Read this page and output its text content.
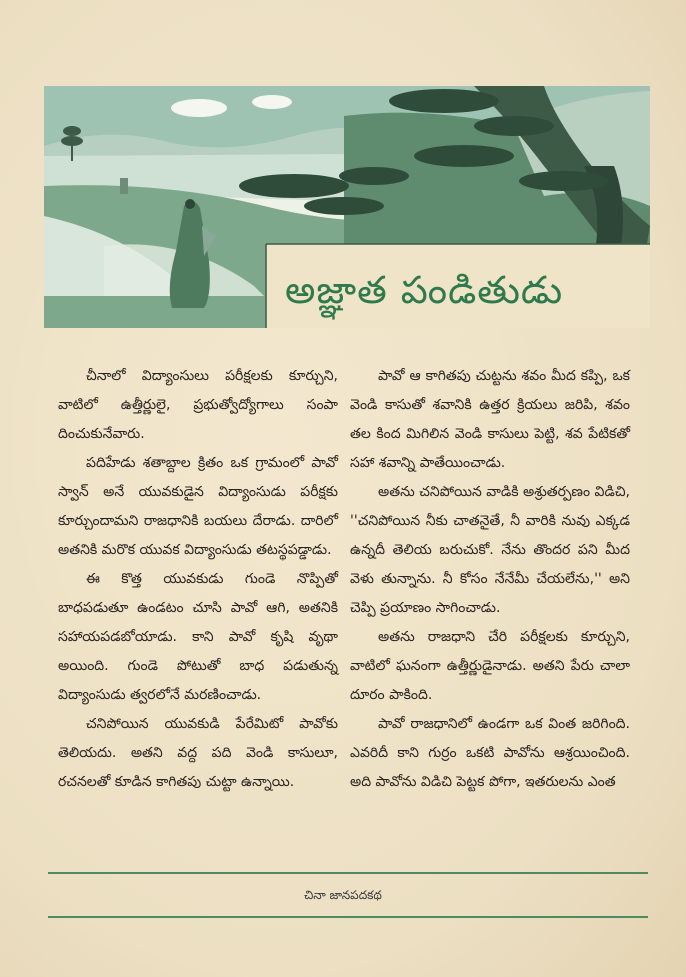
అజ్ఞాత పండితుడు

చీనాలో విద్యాంసులు పరీక్షలకు కూర్చుని, వాటిలో ఉత్తీర్ణులై, ప్రభుత్వోద్యోగాలు సంపా దించుకునేవారు.

పదిహేడు శతాబ్దాల క్రితం ఒక గ్రామంలో పావో స్వాన్ అనే యువకుడైన విద్యాంసుడు పరీక్షకు కూర్చుందామని రాజధానికి బయలు దేరాడు. దారిలో అతనికి మరొక యువక విద్యాంసుడు తటస్థపడ్డాడు.

ఈ కొత్త యువకుడు గుండె నొప్పితో బాధపడుతూ ఉండటం చూసి పావో ఆగి, అతనికి సహాయపడబోయాడు. కాని పావో కృషి వృథా అయింది. గుండె పోటుతో బాధ పడుతున్న విద్యాంసుడు త్వరలోనే మరణించాడు.

చనిపోయిన యువకుడి పేరేమిటో పావోకు తెలియదు. అతని వద్ద పది వెండి కాసులూ, రచనలతో కూడిన కాగితపు చుట్టా ఉన్నాయి.

పావో ఆ కాగితపు చుట్టను శవం మీద కప్పి, ఒక వెండి కాసుతో శవానికి ఉత్తర క్రియలు జరిపి, శవం తల కింద మిగిలిన వెండి కాసులు పెట్టి, శవ పేటికతో సహా శవాన్ని పాతేయించాడు.

అతను చనిపోయిన వాడికి అశ్రుతర్పణం విడిచి, ''చనిపోయిన నీకు చాతనైతే, నీ వారికి నువు ఎక్కడ ఉన్నదీ తెలియ బరుచుకో. నేను తొందర పని మీద వెళు తున్నాను. నీ కోసం నేనేమీ చేయలేను,'' అని చెప్పి ప్రయాణం సాగించాడు.

అతను రాజధాని చేరి పరీక్షలకు కూర్చుని, వాటిలో ఘనంగా ఉత్తీర్ణుడైనాడు. అతని పేరు చాలా దూరం పాకింది.

పావో రాజధానిలో ఉండగా ఒక వింత జరిగింది. ఎవరిదీ కాని గుర్రం ఒకటి పావోను ఆశ్రయించింది. అది పావోను విడిచి పెట్టక పోగా, ఇతరులను ఎంత

చినా జానపదకథ
